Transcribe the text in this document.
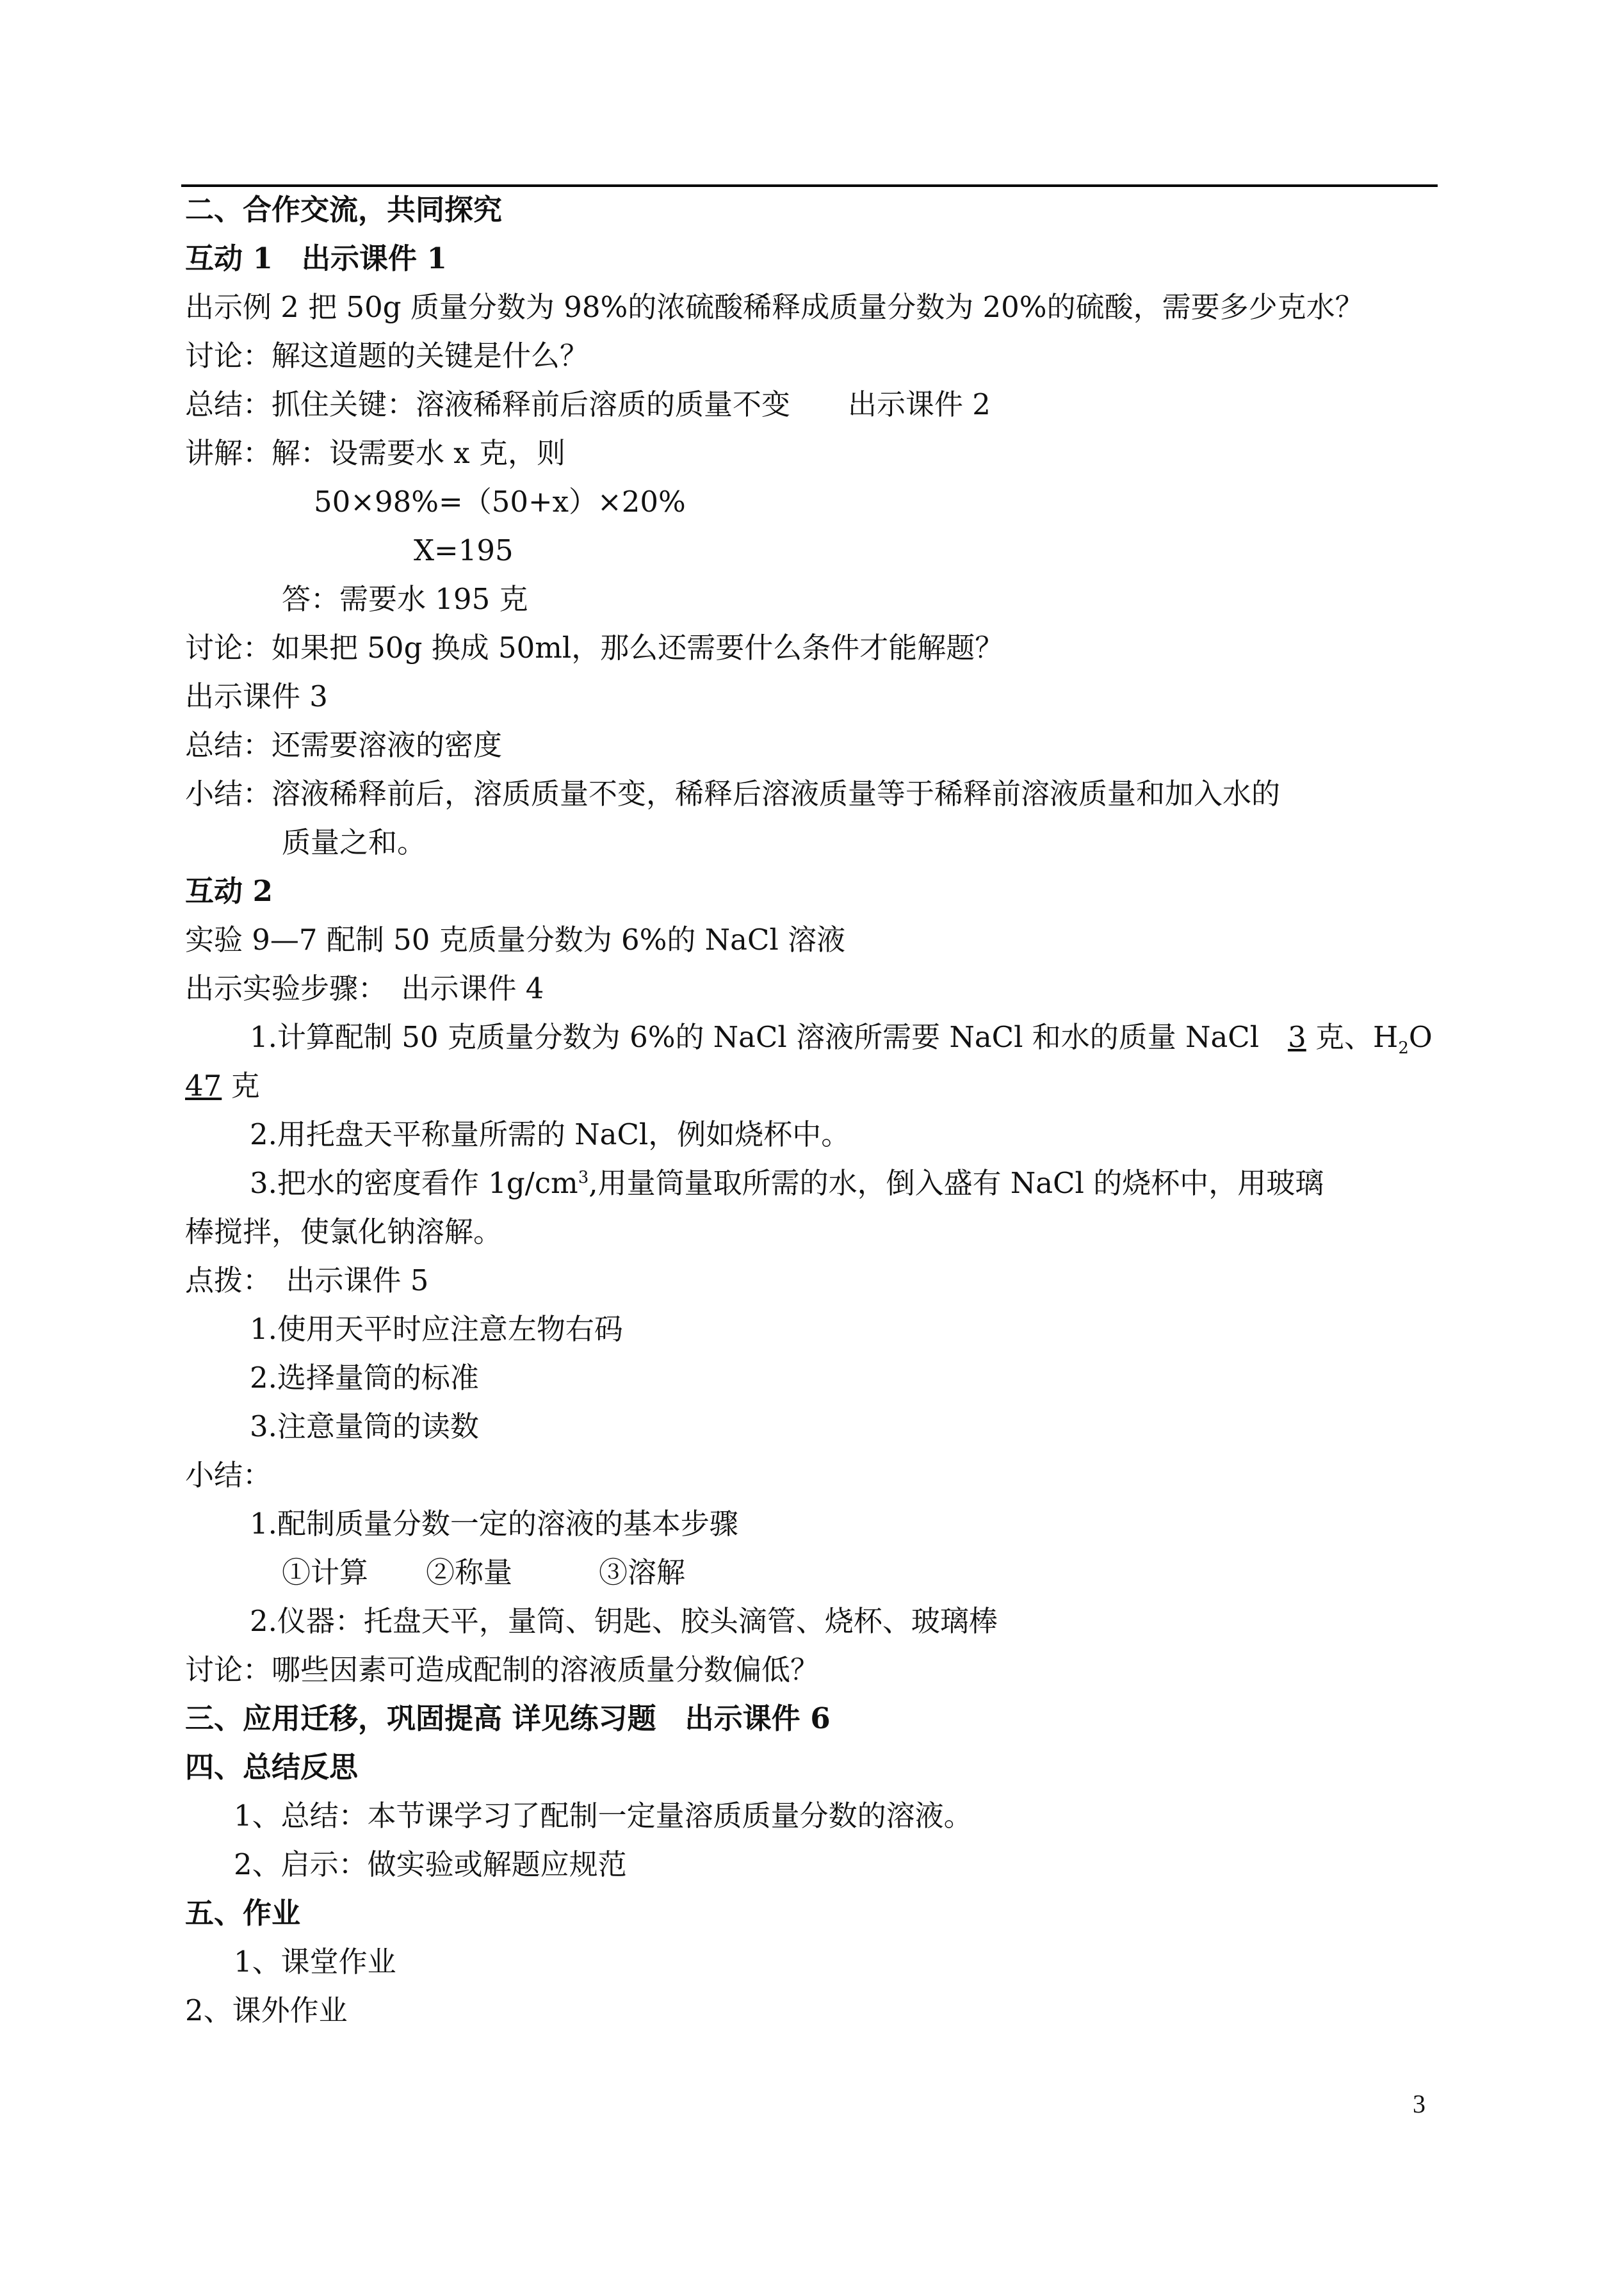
二、合作交流，共同探究
互动 1　出示课件 1
出示例 2 把 50g 质量分数为 98%的浓硫酸稀释成质量分数为 20%的硫酸，需要多少克水？
讨论：解这道题的关键是什么？
总结：抓住关键：溶液稀释前后溶质的质量不变　　出示课件 2
讲解：解：设需要水 x 克，则
50×98%=（50+x）×20%
X=195
答：需要水 195 克
讨论：如果把 50g 换成 50ml，那么还需要什么条件才能解题？
出示课件 3
总结：还需要溶液的密度
小结：溶液稀释前后，溶质质量不变，稀释后溶液质量等于稀释前溶液质量和加入水的
质量之和。
互动 2
实验 9—7 配制 50 克质量分数为 6%的 NaCl 溶液
出示实验步骤：　出示课件 4
1.计算配制 50 克质量分数为 6%的 NaCl 溶液所需要 NaCl 和水的质量 NaCl　3 克、$H_2O$
47 克
2.用托盘天平称量所需的 NaCl，例如烧杯中。
3.把水的密度看作 $1g/cm^3$,用量筒量取所需的水，倒入盛有 NaCl 的烧杯中，用玻璃
棒搅拌，使氯化钠溶解。
点拨：　出示课件 5
1.使用天平时应注意左物右码
2.选择量筒的标准
3.注意量筒的读数
小结：
1.配制质量分数一定的溶液的基本步骤
①计算　　②称量　　　③溶解
2.仪器：托盘天平，量筒、钥匙、胶头滴管、烧杯、玻璃棒
讨论：哪些因素可造成配制的溶液质量分数偏低？
三、应用迁移，巩固提高 详见练习题　出示课件 6
四、总结反思
1、总结：本节课学习了配制一定量溶质质量分数的溶液。
2、启示：做实验或解题应规范
五、作业
1、课堂作业
2、课外作业
3
